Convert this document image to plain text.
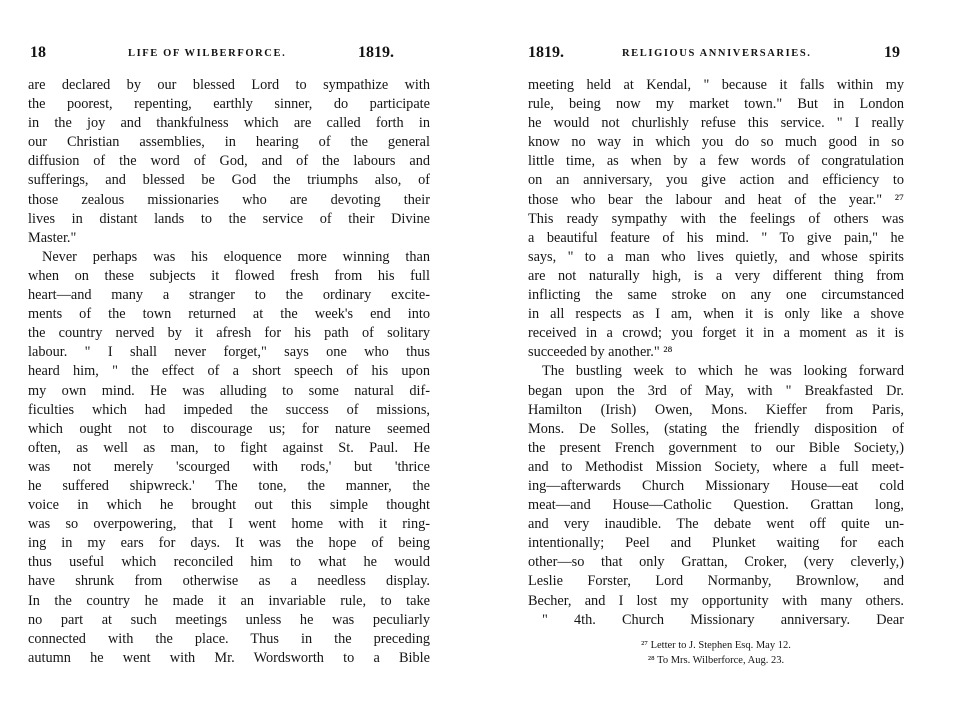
18	LIFE OF WILBERFORCE.	1819.
are declared by our blessed Lord to sympathize with
the poorest, repenting, earthly sinner, do participate
in the joy and thankfulness which are called forth in
our Christian assemblies, in hearing of the general
diffusion of the word of God, and of the labours and
sufferings, and blessed be God the triumphs also, of
those zealous missionaries who are devoting their
lives in distant lands to the service of their Divine
Master."
Never perhaps was his eloquence more winning than
when on these subjects it flowed fresh from his full
heart—and many a stranger to the ordinary excite-
ments of the town returned at the week's end into
the country nerved by it afresh for his path of solitary
labour. " I shall never forget," says one who thus
heard him, " the effect of a short speech of his upon
my own mind. He was alluding to some natural dif-
ficulties which had impeded the success of missions,
which ought not to discourage us; for nature seemed
often, as well as man, to fight against St. Paul. He
was not merely 'scourged with rods,' but 'thrice
he suffered shipwreck.' The tone, the manner, the
voice in which he brought out this simple thought
was so overpowering, that I went home with it ring-
ing in my ears for days. It was the hope of being
thus useful which reconciled him to what he would
have shrunk from otherwise as a needless display.
In the country he made it an invariable rule, to take
no part at such meetings unless he was peculiarly
connected with the place. Thus in the preceding
autumn he went with Mr. Wordsworth to a Bible
1819.	RELIGIOUS ANNIVERSARIES.	19
meeting held at Kendal, " because it falls within my
rule, being now my market town." But in London
he would not churlishly refuse this service. " I really
know no way in which you do so much good in so
little time, as when by a few words of congratulation
on an anniversary, you give action and efficiency to
those who bear the labour and heat of the year." ²⁷
This ready sympathy with the feelings of others was
a beautiful feature of his mind. " To give pain," he
says, " to a man who lives quietly, and whose spirits
are not naturally high, is a very different thing from
inflicting the same stroke on any one circumstanced
in all respects as I am, when it is only like a shove
received in a crowd; you forget it in a moment as it is
succeeded by another." ²⁸
The bustling week to which he was looking forward
began upon the 3rd of May, with " Breakfasted Dr.
Hamilton (Irish) Owen, Mons. Kieffer from Paris,
Mons. De Solles, (stating the friendly disposition of
the present French government to our Bible Society,)
and to Methodist Mission Society, where a full meet-
ing—afterwards Church Missionary House—eat cold
meat—and House—Catholic Question. Grattan long,
and very inaudible. The debate went off quite un-
intentionally; Peel and Plunket waiting for each
other—so that only Grattan, Croker, (very cleverly,)
Leslie Forster, Lord Normanby, Brownlow, and
Becher, and I lost my opportunity with many others.
" 4th. Church Missionary anniversary. Dear
²⁷ Letter to J. Stephen Esq. May 12.
²⁸ To Mrs. Wilberforce, Aug. 23.
